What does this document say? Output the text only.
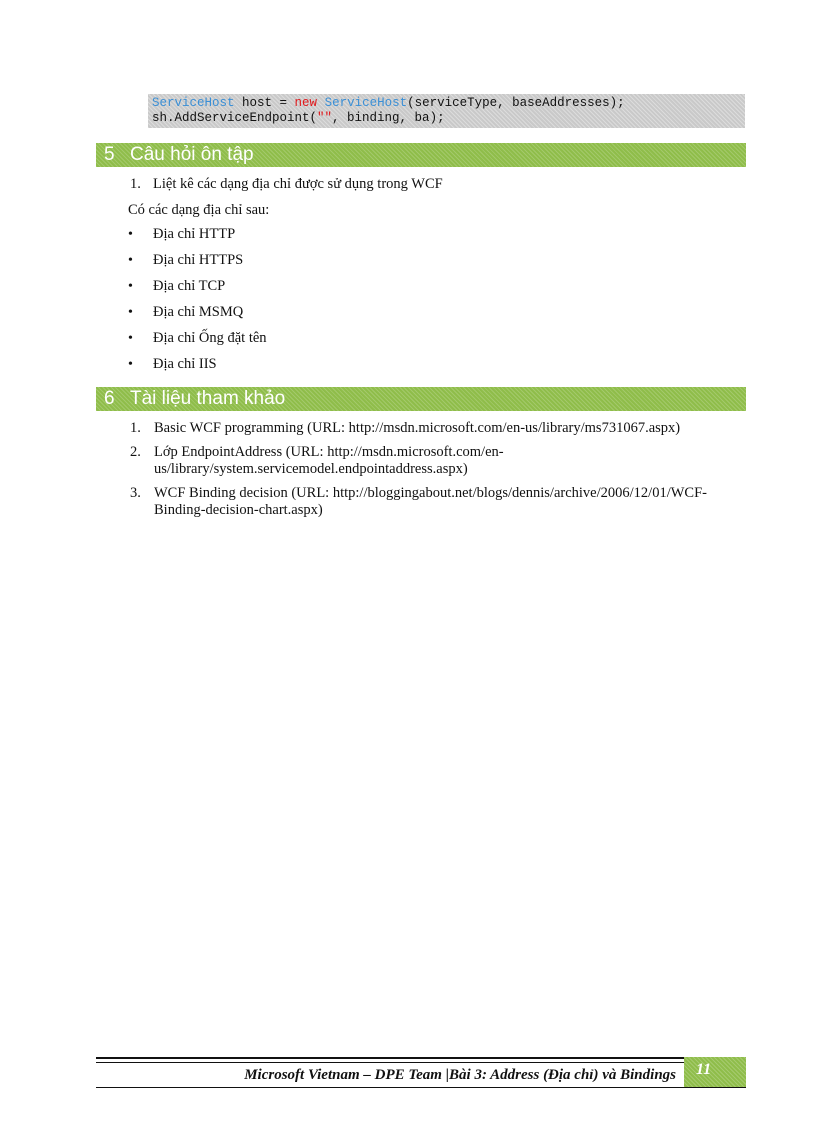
ServiceHost host = new ServiceHost(serviceType, baseAddresses);
sh.AddServiceEndpoint("", binding, ba);
5 Câu hỏi ôn tập
1. Liệt kê các dạng địa chỉ được sử dụng trong WCF
Có các dạng địa chỉ sau:
• Địa chỉ HTTP
• Địa chỉ HTTPS
• Địa chỉ TCP
• Địa chỉ MSMQ
• Địa chỉ Ống đặt tên
• Địa chỉ IIS
6 Tài liệu tham khảo
1. Basic WCF programming (URL: http://msdn.microsoft.com/en-us/library/ms731067.aspx)
2. Lớp EndpointAddress (URL: http://msdn.microsoft.com/en-
us/library/system.servicemodel.endpointaddress.aspx)
3. WCF Binding decision (URL: http://bloggingabout.net/blogs/dennis/archive/2006/12/01/WCF-
Binding-decision-chart.aspx)
Microsoft Vietnam – DPE Team |Bài 3: Address (Địa chỉ) và Bindings 11
